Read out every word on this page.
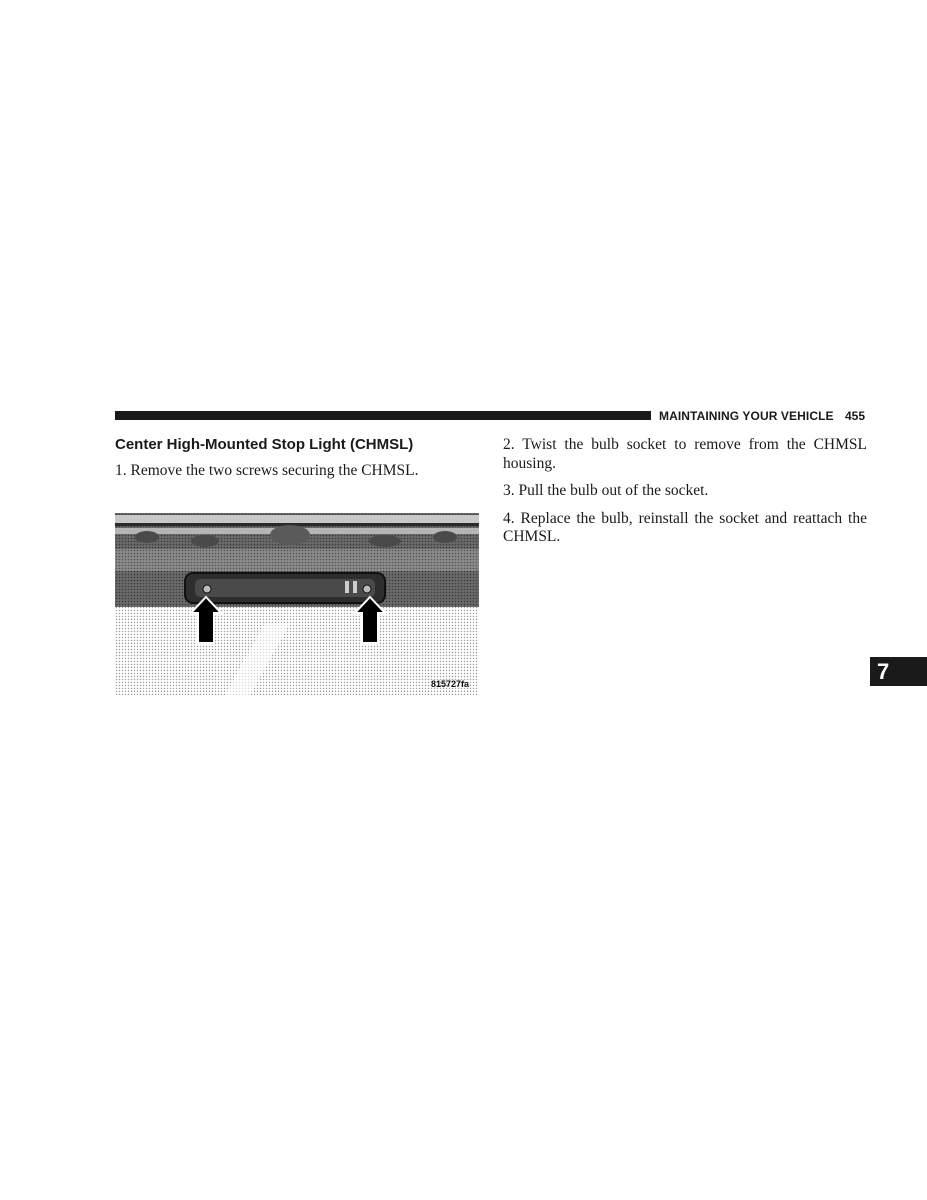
MAINTAINING YOUR VEHICLE 455
Center High-Mounted Stop Light (CHMSL)

1. Remove the two screws securing the CHMSL.

815727fa

2. Twist the bulb socket to remove from the CHMSL housing.

3. Pull the bulb out of the socket.

4. Replace the bulb, reinstall the socket and reattach the CHMSL.

7
